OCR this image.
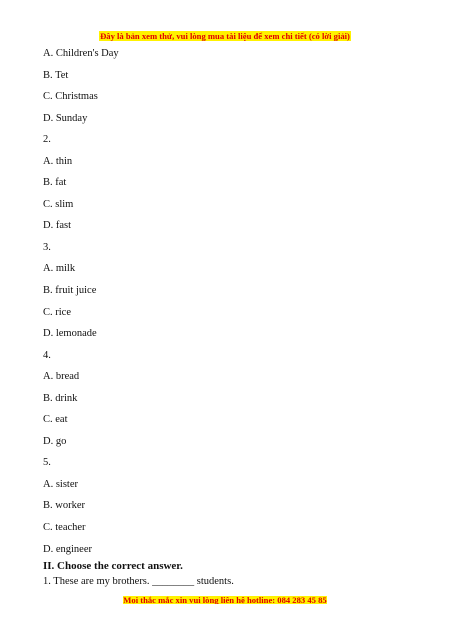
Đây là bản xem thử, vui lòng mua tài liệu để xem chi tiết (có lời giải)
A. Children's Day
B. Tet
C. Christmas
D. Sunday
2.
A. thin
B. fat
C. slim
D. fast
3.
A. milk
B. fruit juice
C. rice
D. lemonade
4.
A. bread
B. drink
C. eat
D. go
5.
A. sister
B. worker
C. teacher
D. engineer
II. Choose the correct answer.
1. These are my brothers. ________ students.
Mọi thắc mắc xin vui lòng liên hệ hotline: 084 283 45 85
